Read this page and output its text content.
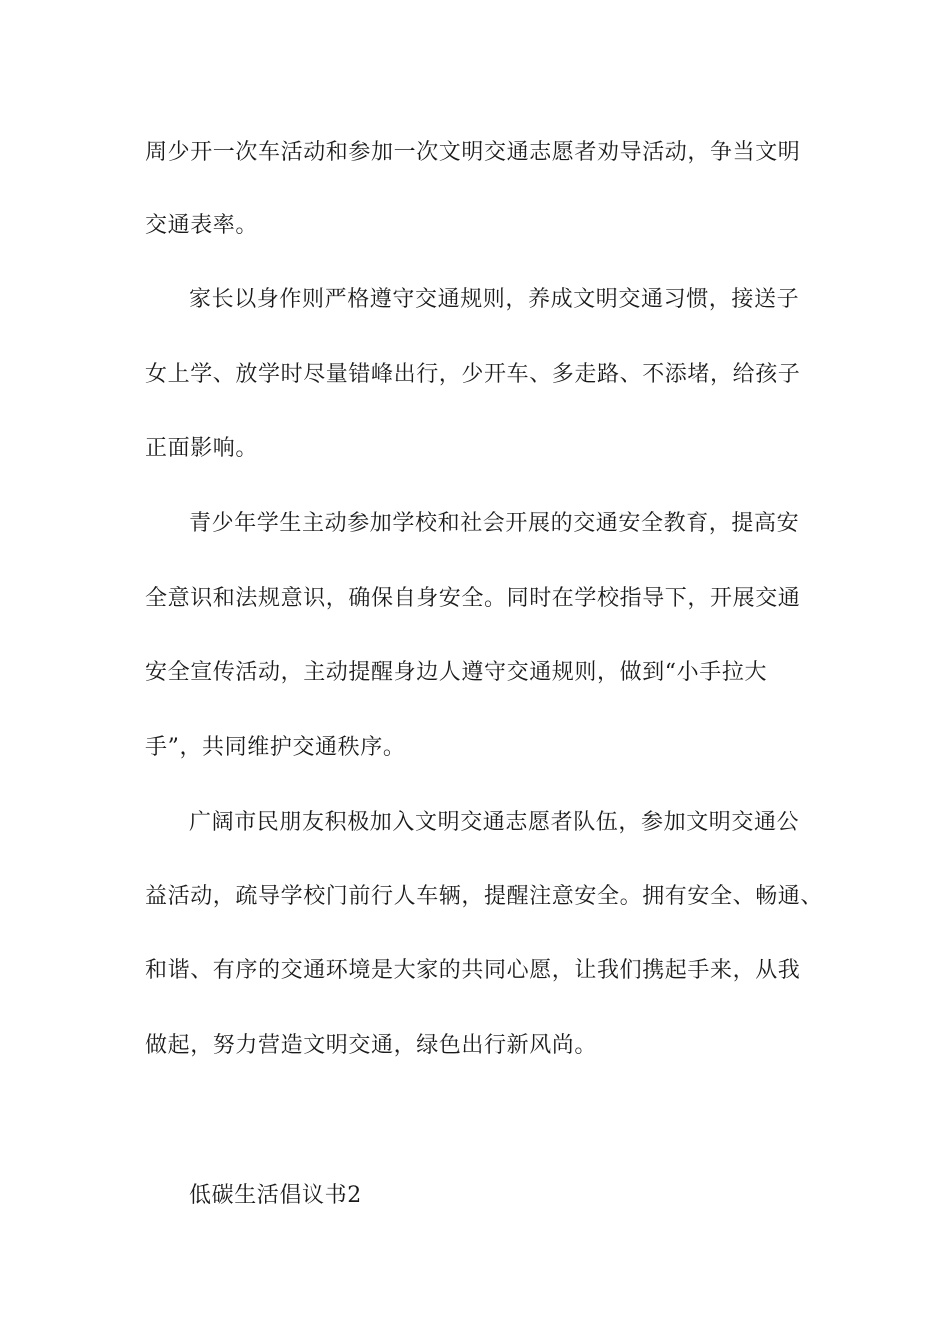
周少开一次车活动和参加一次文明交通志愿者劝导活动，争当文明
交通表率。
家长以身作则严格遵守交通规则，养成文明交通习惯，接送子
女上学、放学时尽量错峰出行，少开车、多走路、不添堵，给孩子
正面影响。
青少年学生主动参加学校和社会开展的交通安全教育，提高安
全意识和法规意识，确保自身安全。同时在学校指导下，开展交通
安全宣传活动，主动提醒身边人遵守交通规则，做到“小手拉大
手”，共同维护交通秩序。
广阔市民朋友积极加入文明交通志愿者队伍，参加文明交通公
益活动，疏导学校门前行人车辆，提醒注意安全。拥有安全、畅通、
和谐、有序的交通环境是大家的共同心愿，让我们携起手来，从我
做起，努力营造文明交通，绿色出行新风尚。
低碳生活倡议书2
